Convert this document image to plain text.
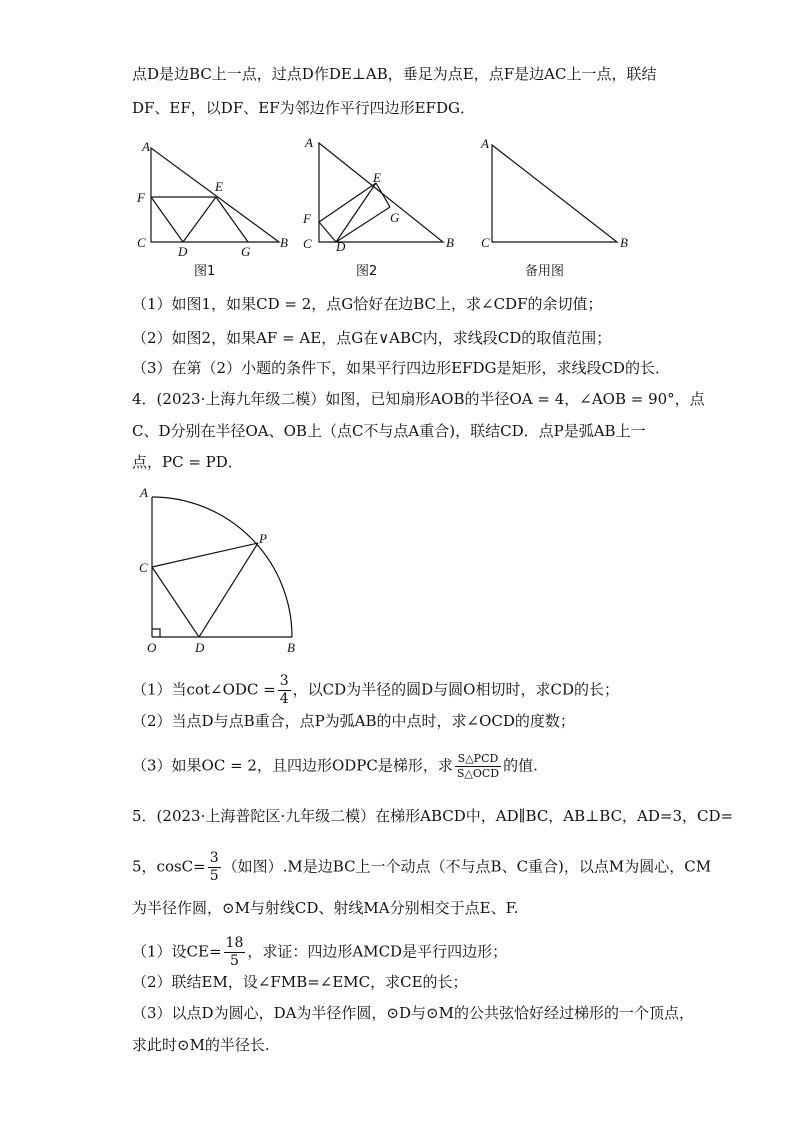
点D是边BC上一点，过点D作DE⊥AB，垂足为点E，点F是边AC上一点，联结
DF、EF，以DF、EF为邻边作平行四边形EFDG．
A
F
E
C
D	G
B
图1
A
E
F	G
C D	B
图2
A
C	B
备用图
（1）如图1，如果CD = 2，点G恰好在边BC上，求∠CDF的余切值；
（2）如图2，如果AF = AE，点G在∨ABC内，求线段CD的取值范围；
（3）在第（2）小题的条件下，如果平行四边形EFDG是矩形，求线段CD的长．
4．(2023·上海九年级二模）如图，已知扇形AOB的半径OA = 4，∠AOB = 90°，点
C、D分别在半径OA、OB上（点C不与点A重合)，联结CD．点P是弧AB上一
点，PC = PD．
A
P
C
O	D	B
（1）当cot∠ODC = $\frac{3}{4}$ ，以CD为半径的圆D与圆O相切时，求CD的长；
（2）当点D与点B重合，点P为弧AB的中点时，求∠OCD的度数；
（3）如果OC = 2，且四边形ODPC是梯形，求 $\frac{\text{S△PCD}}{\text{S△OCD}}$ 的值.
5．(2023·上海普陀区·九年级二模）在梯形ABCD中，AD∥BC，AB⊥BC，AD=3，CD=
5，$\cos C= \frac{3}{5}$ （如图）.M是边BC上一个动点（不与点B、C重合)，以点M为圆心，CM
为半径作圆，⊙M与射线CD、射线MA分别相交于点E、F.
（1）设$CE= \frac{18}{5}$ ，求证：四边形AMCD是平行四边形；
（2）联结EM，设∠FMB=∠EMC，求CE的长；
（3）以点D为圆心，DA为半径作圆，⊙D与⊙M的公共弦恰好经过梯形的一个顶点，
求此时⊙M的半径长.
